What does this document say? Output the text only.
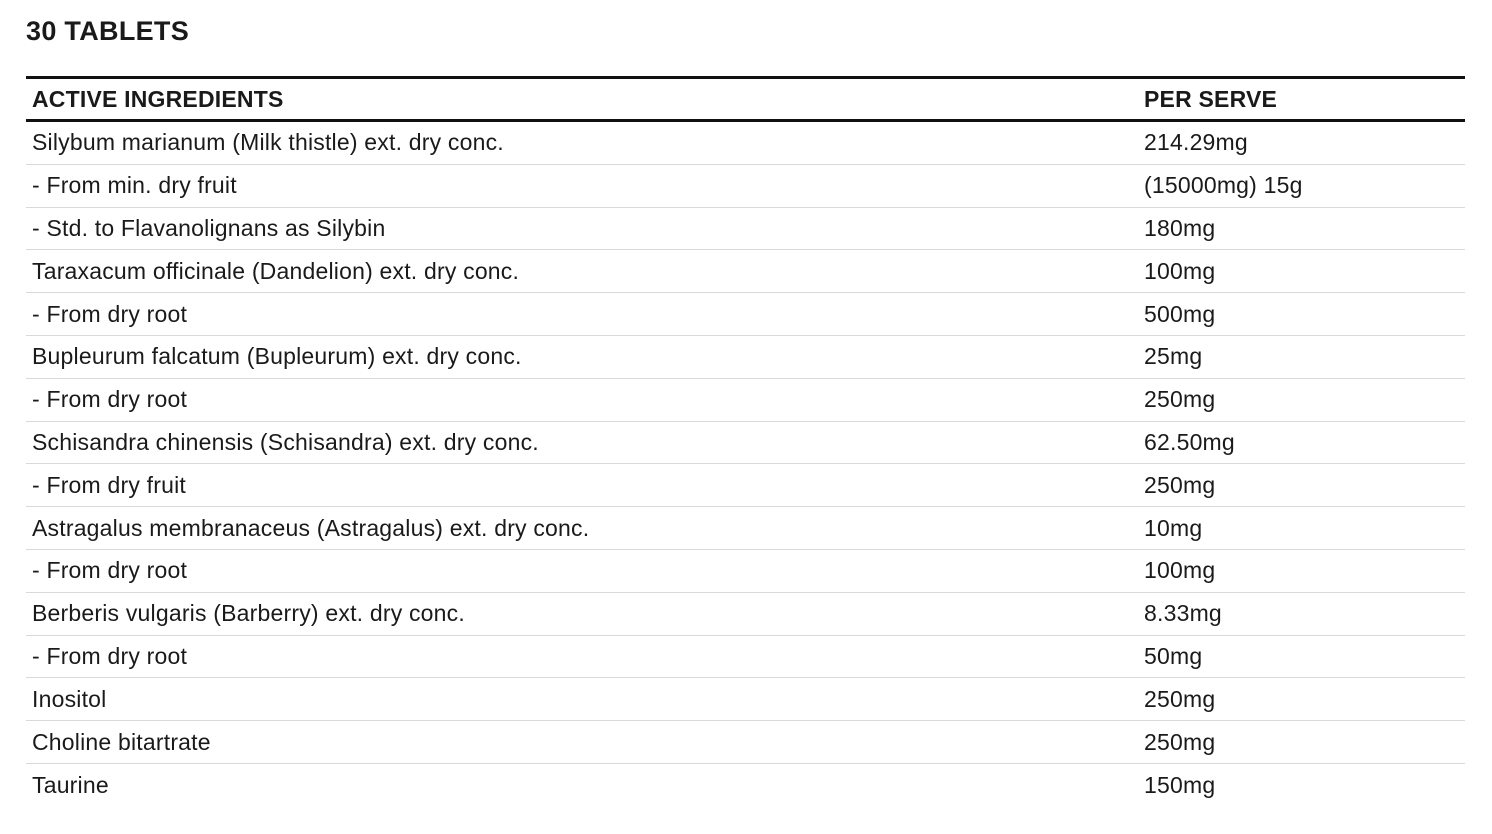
30 TABLETS
ACTIVE INGREDIENTS	PER SERVE
Silybum marianum (Milk thistle) ext. dry conc.	214.29mg
- From min. dry fruit	(15000mg) 15g
- Std. to Flavanolignans as Silybin	180mg
Taraxacum officinale (Dandelion) ext. dry conc.	100mg
- From dry root	500mg
Bupleurum falcatum (Bupleurum) ext. dry conc.	25mg
- From dry root	250mg
Schisandra chinensis (Schisandra) ext. dry conc.	62.50mg
- From dry fruit	250mg
Astragalus membranaceus (Astragalus) ext. dry conc.	10mg
- From dry root	100mg
Berberis vulgaris (Barberry) ext. dry conc.	8.33mg
- From dry root	50mg
Inositol	250mg
Choline bitartrate	250mg
Taurine	150mg
